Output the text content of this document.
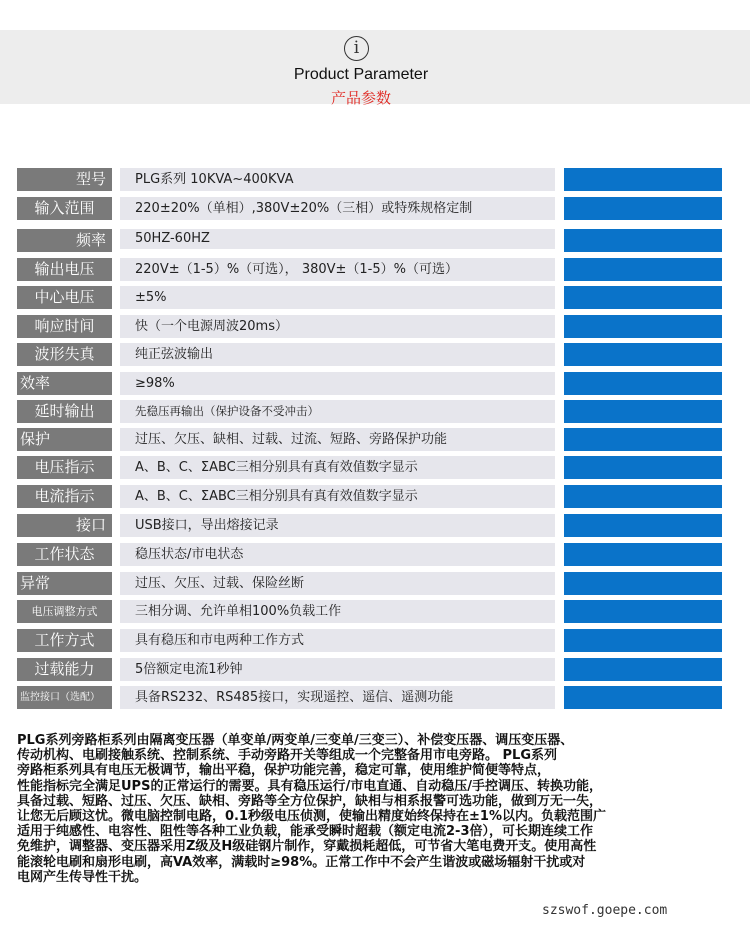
i
Product Parameter
产品参数
型号	PLG系列 10KVA~400KVA
输入范围	220±20%（单相）,380V±20%（三相）或特殊规格定制
频率	50HZ-60HZ
输出电压	220V±（1-5）%（可选）， 380V±（1-5）%（可选）
中心电压	±5%
响应时间	快（一个电源周波20ms）
波形失真	纯正弦波输出
效率	≥98%
延时输出	先稳压再输出（保护设备不受冲击）
保护	过压、欠压、缺相、过载、过流、短路、旁路保护功能
电压指示	A、B、C、ΣABC三相分别具有真有效值数字显示
电流指示	A、B、C、ΣABC三相分别具有真有效值数字显示
接口	USB接口，导出熔接记录
工作状态	稳压状态/市电状态
异常	过压、欠压、过载、保险丝断
电压调整方式	三相分调、允许单相100%负载工作
工作方式	具有稳压和市电两种工作方式
过载能力	5倍额定电流1秒钟
监控接口（选配）	具备RS232、RS485接口，实现遥控、遥信、遥测功能

PLG系列旁路柜系列由隔离变压器（单变单/两变单/三变单/三变三）、补偿变压器、调压变压器、

传动机构、电刷接触系统、控制系统、手动旁路开关等组成一个完整备用市电旁路。 PLG系列

旁路柜系列具有电压无极调节，输出平稳，保护功能完善，稳定可靠，使用维护简便等特点，

性能指标完全满足UPS的正常运行的需要。具有稳压运行/市电直通、自动稳压/手控调压、转换功能，

具备过载、短路、过压、欠压、缺相、旁路等全方位保护，缺相与相系报警可选功能，做到万无一失，

让您无后顾这忧。微电脑控制电路，0.1秒级电压侦测，使输出精度始终保持在±1%以内。负载范围广

适用于纯感性、电容性、阻性等各种工业负载，能承受瞬时超载（额定电流2-3倍），可长期连续工作

免维护，调整器、变压器采用Z级及H级硅钢片制作，穿戴损耗超低，可节省大笔电费开支。使用高性

能滚轮电刷和扇形电刷，高VA效率，满载时≥98%。正常工作中不会产生谐波或磁场辐射干扰或对

电网产生传导性干扰。

szswof.goepe.com
